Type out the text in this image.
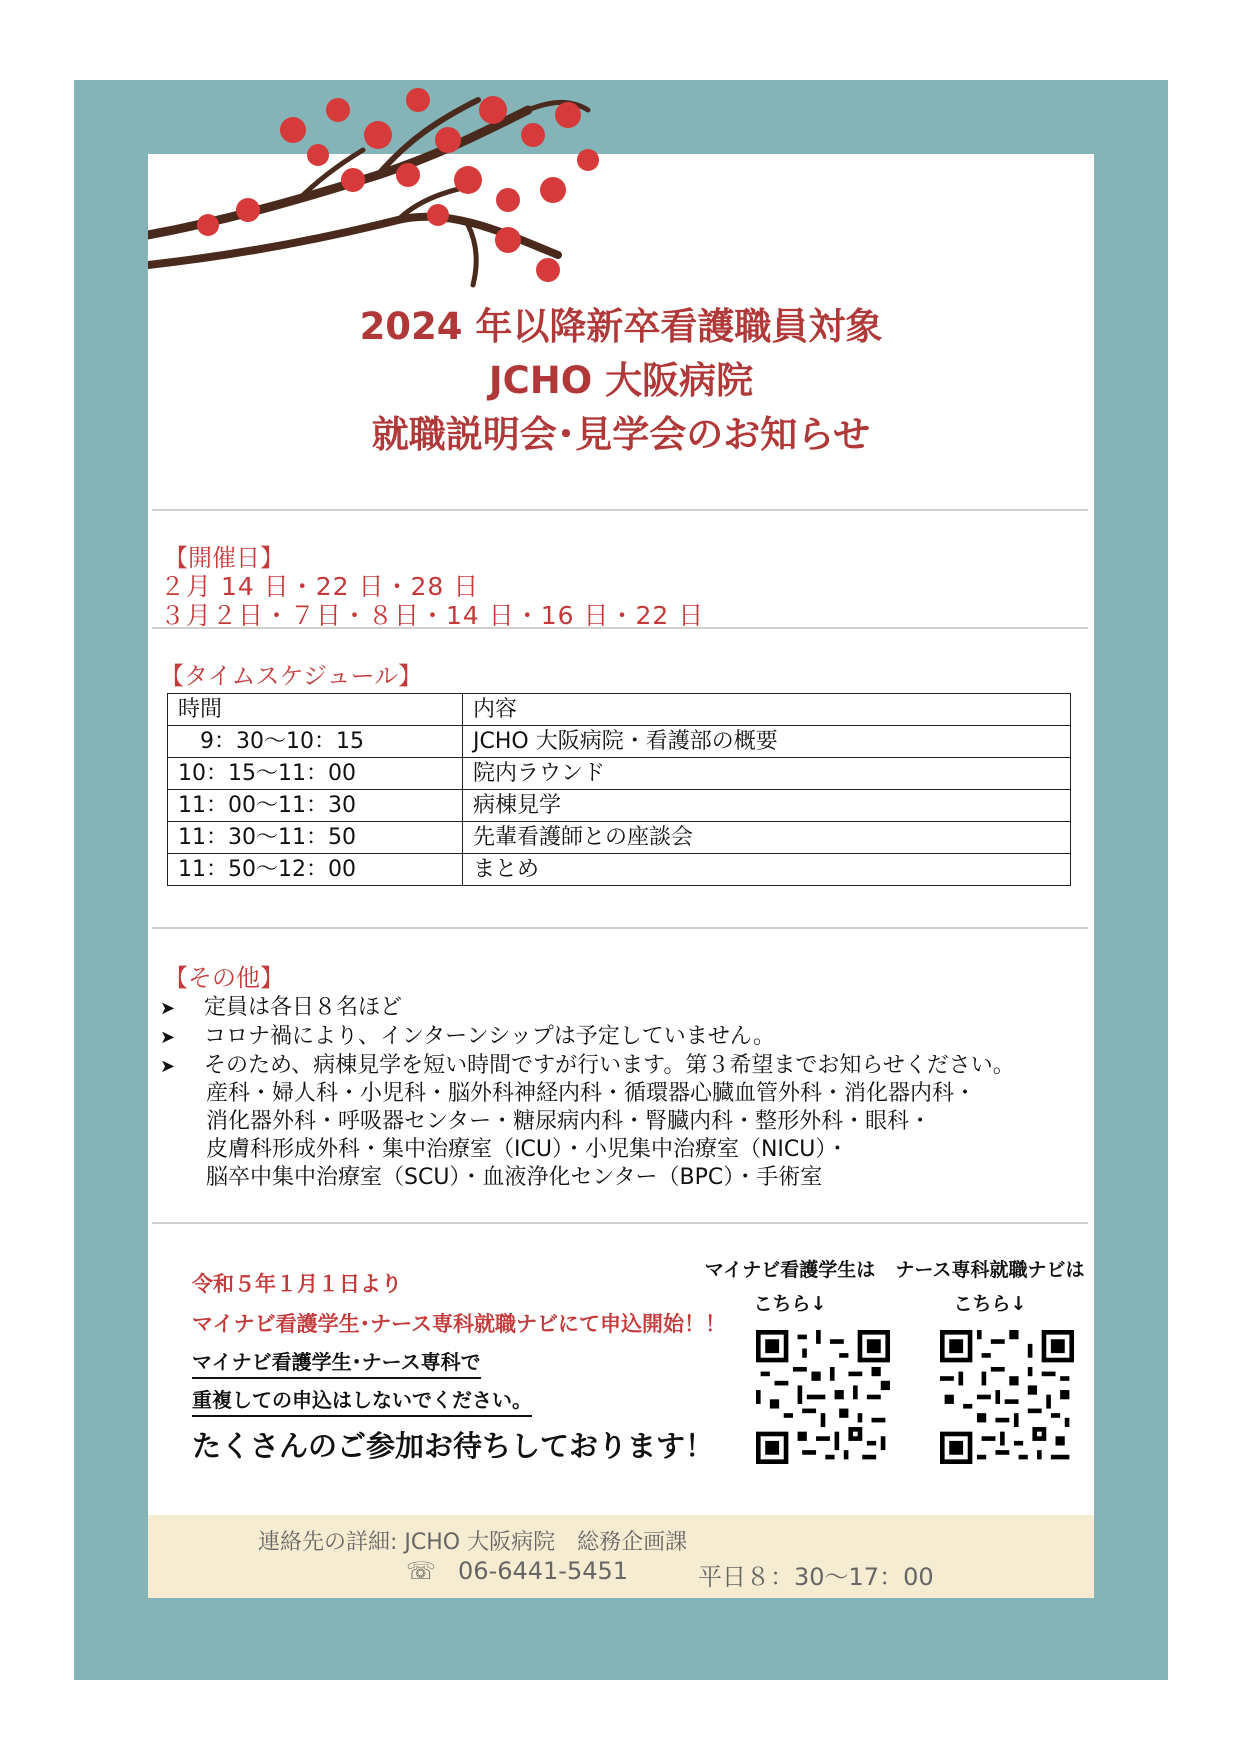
2024 年以降新卒看護職員対象
JCHO 大阪病院
就職説明会･見学会のお知らせ
【開催日】
２月 14 日・22 日・28 日
３月２日・７日・８日・14 日・16 日・22 日
【タイムスケジュール】
時間	内容
　9：30～10：15	JCHO 大阪病院・看護部の概要
10：15～11：00	院内ラウンド
11：00～11：30	病棟見学
11：30～11：50	先輩看護師との座談会
11：50～12：00	まとめ
【その他】
➤ 定員は各日８名ほど
➤ コロナ禍により、インターンシップは予定していません。
➤ そのため、病棟見学を短い時間ですが行います。第３希望までお知らせください。
産科・婦人科・小児科・脳外科神経内科・循環器心臓血管外科・消化器内科・
消化器外科・呼吸器センター・糖尿病内科・腎臓内科・整形外科・眼科・
皮膚科形成外科・集中治療室（ICU）・小児集中治療室（NICU）・
脳卒中集中治療室（SCU）・血液浄化センター（BPC）・手術室
令和５年１月１日より
マイナビ看護学生･ナース専科就職ナビにて申込開始！！
マイナビ看護学生･ナース専科で
重複しての申込はしないでください。
たくさんのご参加お待ちしております！
マイナビ看護学生は
こちら↓
ナース専科就職ナビは
こちら↓
連絡先の詳細: JCHO 大阪病院　総務企画課
☏ 06-6441-5451	平日８：30～17：00
